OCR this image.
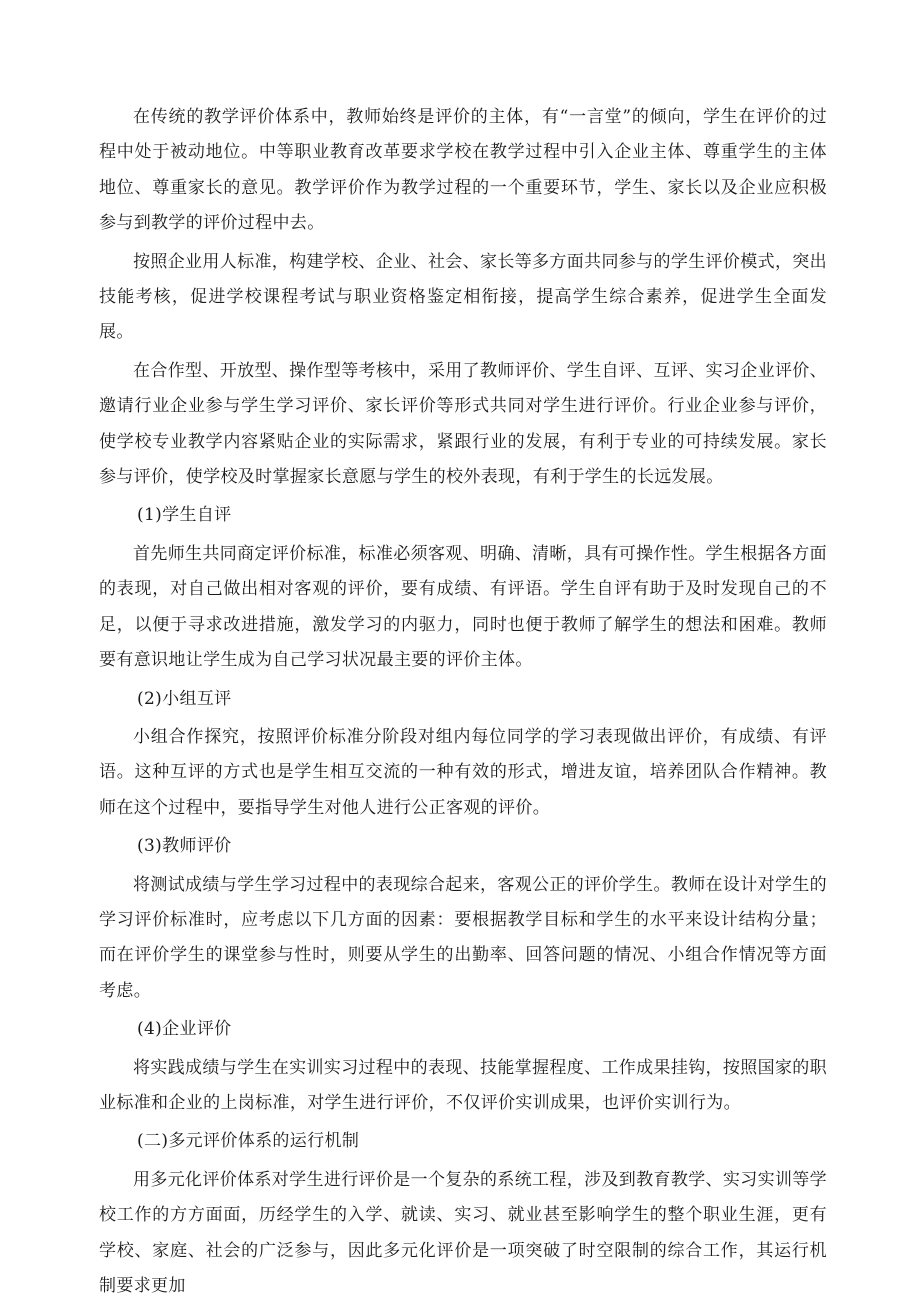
在传统的教学评价体系中，教师始终是评价的主体，有“一言堂”的倾向，学生在评价的过程中处于被动地位。中等职业教育改革要求学校在教学过程中引入企业主体、尊重学生的主体地位、尊重家长的意见。教学评价作为教学过程的一个重要环节，学生、家长以及企业应积极参与到教学的评价过程中去。

按照企业用人标准，构建学校、企业、社会、家长等多方面共同参与的学生评价模式，突出技能考核，促进学校课程考试与职业资格鉴定相衔接，提高学生综合素养，促进学生全面发展。

在合作型、开放型、操作型等考核中，采用了教师评价、学生自评、互评、实习企业评价、邀请行业企业参与学生学习评价、家长评价等形式共同对学生进行评价。行业企业参与评价，使学校专业教学内容紧贴企业的实际需求，紧跟行业的发展，有利于专业的可持续发展。家长参与评价，使学校及时掌握家长意愿与学生的校外表现，有利于学生的长远发展。

(1)学生自评

首先师生共同商定评价标准，标准必须客观、明确、清晰，具有可操作性。学生根据各方面的表现，对自己做出相对客观的评价，要有成绩、有评语。学生自评有助于及时发现自己的不足，以便于寻求改进措施，激发学习的内驱力，同时也便于教师了解学生的想法和困难。教师要有意识地让学生成为自己学习状况最主要的评价主体。

(2)小组互评

小组合作探究，按照评价标准分阶段对组内每位同学的学习表现做出评价，有成绩、有评语。这种互评的方式也是学生相互交流的一种有效的形式，增进友谊，培养团队合作精神。教师在这个过程中，要指导学生对他人进行公正客观的评价。

(3)教师评价

将测试成绩与学生学习过程中的表现综合起来，客观公正的评价学生。教师在设计对学生的学习评价标准时，应考虑以下几方面的因素：要根据教学目标和学生的水平来设计结构分量；而在评价学生的课堂参与性时，则要从学生的出勤率、回答问题的情况、小组合作情况等方面考虑。

(4)企业评价

将实践成绩与学生在实训实习过程中的表现、技能掌握程度、工作成果挂钩，按照国家的职业标准和企业的上岗标准，对学生进行评价，不仅评价实训成果，也评价实训行为。

(二)多元评价体系的运行机制

用多元化评价体系对学生进行评价是一个复杂的系统工程，涉及到教育教学、实习实训等学校工作的方方面面，历经学生的入学、就读、实习、就业甚至影响学生的整个职业生涯，更有学校、家庭、社会的广泛参与，因此多元化评价是一项突破了时空限制的综合工作，其运行机制要求更加
